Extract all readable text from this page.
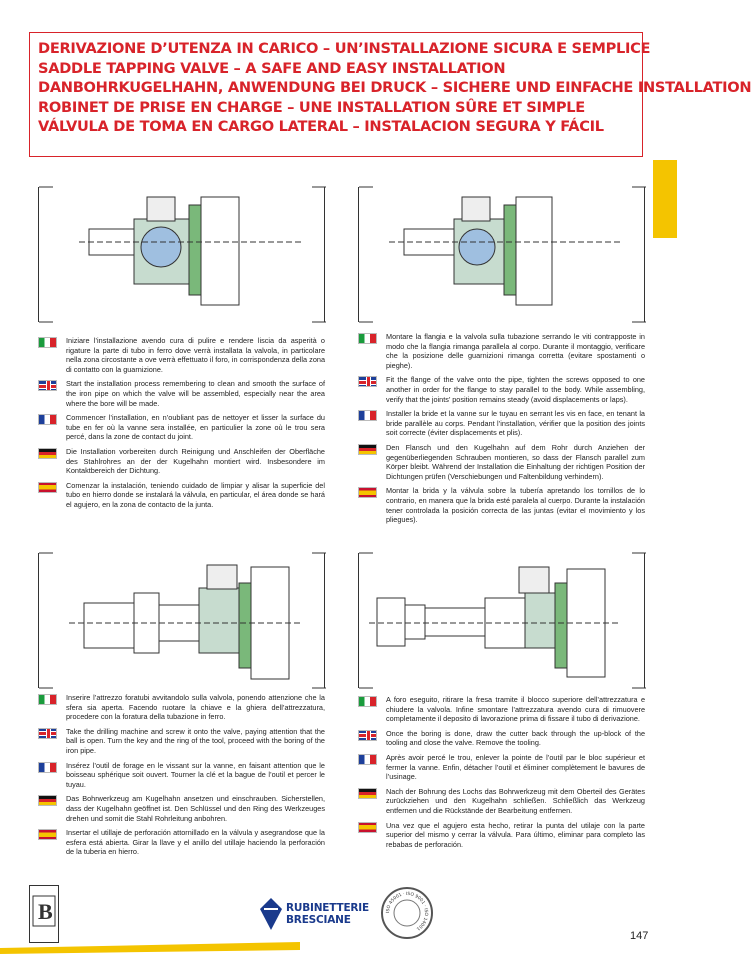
DERIVAZIONE D’UTENZA IN CARICO – UN’INSTALLAZIONE SICURA E SEMPLICE
SADDLE TAPPING VALVE – A SAFE AND EASY INSTALLATION
DANBOHRKUGELHAHN, ANWENDUNG BEI DRUCK – SICHERE UND EINFACHE INSTALLATION
ROBINET DE PRISE EN CHARGE – UNE INSTALLATION SÛRE ET SIMPLE
VÁLVULA DE TOMA EN CARGO LATERAL – INSTALACION SEGURA Y FÁCIL

Iniziare l’installazione avendo cura di pulire e rendere liscia da asperità o rigature la parte di tubo in ferro dove verrà installata la valvola, in particolare nella zona circostante a ove verrà effettuato il foro, in corrispondenza della zona di contatto con la guarnizione.

Start the installation process remembering to clean and smooth the surface of the iron pipe on which the valve will be assembled, especially near the area where the bore will be made.

Commencer l’installation, en n’oubliant pas de nettoyer et lisser la surface du tube en fer où la vanne sera installée, en particulier la zone où le trou sera percé, dans la zone de contact du joint.

Die Installation vorbereiten durch Reinigung und Anschleifen der Oberfläche des Stahlrohres an der der Kugelhahn montiert wird. Insbesondere im Kontaktbereich der Dichtung.

Comenzar la instalación, teniendo cuidado de limpiar y alisar la superficie del tubo en hierro donde se instalará la válvula, en particular, el área donde se hará el agujero, en la zona de contacto de la junta.

Montare la flangia e la valvola sulla tubazione serrando le viti contrapposte in modo che la flangia rimanga parallela al corpo. Durante il montaggio, verificare che la posizione delle guarnizioni rimanga corretta (evitare spostamenti o pieghe).

Fit the flange of the valve onto the pipe, tighten the screws opposed to one another in order for the flange to stay parallel to the body. While assembling, verify that the joints’ position remains steady (avoid displacements or laps).

Installer la bride et la vanne sur le tuyau en serrant les vis en face, en tenant la bride parallèle au corps. Pendant l’installation, vérifier que la position des joints soit correcte (éviter displacements et plis).

Den Flansch und den Kugelhahn auf dem Rohr durch Anziehen der gegenüberliegenden Schrauben montieren, so dass der Flansch parallel zum Körper bleibt. Während der Installation die Einhaltung der richtigen Position der Dichtungen prüfen (Verschiebungen und Faltenbildung verhindern).

Montar la brida y la válvula sobre la tubería apretando los tornillos de lo contrario, en manera que la brida esté paralela al cuerpo. Durante la instalación tener controlada la posición correcta de las juntas (evitar el movimiento y los pliegues).

Inserire l’attrezzo foratubi avvitandolo sulla valvola, ponendo attenzione che la sfera sia aperta. Facendo ruotare la chiave e la ghiera dell’attrezzatura, procedere con la foratura della tubazione in ferro.

Take the drilling machine and screw it onto the valve, paying attention that the ball is open. Turn the key and the ring of the tool, proceed with the boring of the iron pipe.

Insérez l’outil de forage en le vissant sur la vanne, en faisant attention que le boisseau sphérique soit ouvert. Tourner la clé et la bague de l’outil et percer le tuyau.

Das Bohrwerkzeug am Kugelhahn ansetzen und einschrauben. Sicherstellen, dass der Kugelhahn geöffnet ist. Den Schlüssel und den Ring des Werkzeuges drehen und somit die Stahl Rohrleitung anbohren.

Insertar el utillaje de perforación attornillado en la válvula y asegrandose que la esfera está abierta. Girar la llave y el anillo del utillaje haciendo la perforación de la tuberia en hierro.

A foro eseguito, ritirare la fresa tramite il blocco superiore dell’attrezzatura e chiudere la valvola. Infine smontare l’attrezzatura avendo cura di rimuovere completamente il deposito di lavorazione prima di fissare il tubo di derivazione.

Once the boring is done, draw the cutter back through the up-block of the tooling and close the valve. Remove the tooling.

Après avoir percé le trou, enlever la pointe de l’outil par le bloc supérieur et fermer la vanne. Enfin, détacher l’outil et éliminer complètement le bavures de l’usinage.

Nach der Bohrung des Lochs das Bohrwerkzeug mit dem Oberteil des Gerätes zurückziehen und den Kugelhahn schließen. Schließlich das Werkzeug entfernen und die Rückstände der Bearbeitung entfernen.

Una vez que el agujero esta hecho, retirar la punta del utilaje con la parte superior del mismo y cerrar la válvula. Para último, eliminar para completo las rebabas de perforación.

B	RUBINETTERIE
BRESCIANE
ISO 45001 · ISO 9001 · ISO 14001
147
